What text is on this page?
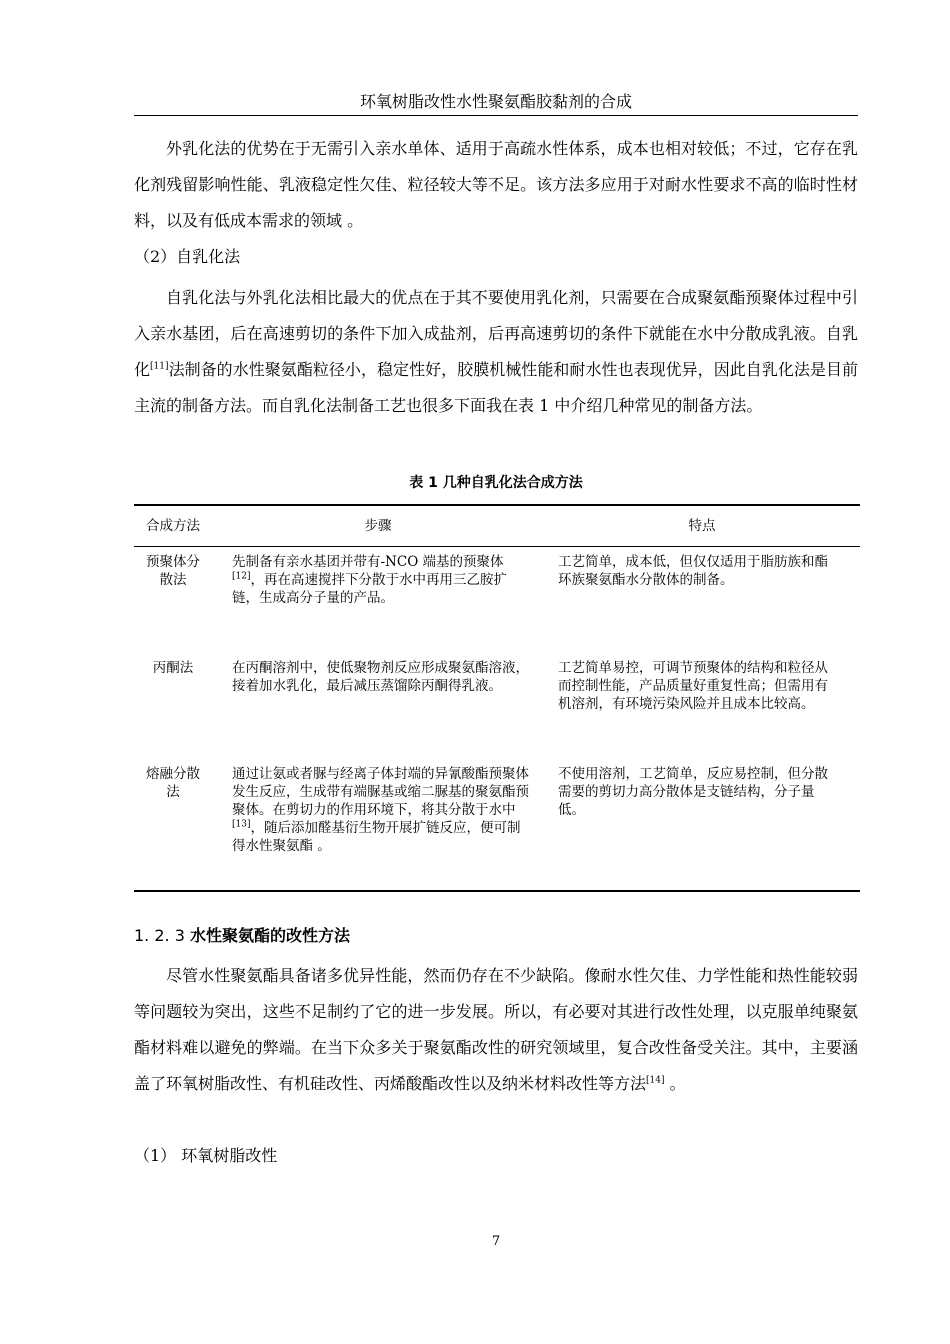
环氧树脂改性水性聚氨酯胶黏剂的合成

外乳化法的优势在于无需引入亲水单体、适用于高疏水性体系，成本也相对较低；不过，它存在乳化剂残留影响性能、乳液稳定性欠佳、粒径较大等不足。该方法多应用于对耐水性要求不高的临时性材料，以及有低成本需求的领域 。

（2）自乳化法

自乳化法与外乳化法相比最大的优点在于其不要使用乳化剂，只需要在合成聚氨酯预聚体过程中引入亲水基团，后在高速剪切的条件下加入成盐剂，后再高速剪切的条件下就能在水中分散成乳液。自乳化[11]法制备的水性聚氨酯粒径小，稳定性好，胶膜机械性能和耐水性也表现优异，因此自乳化法是目前主流的制备方法。而自乳化法制备工艺也很多下面我在表 1 中介绍几种常见的制备方法。

表 1 几种自乳化法合成方法
合成方法	步骤	特点
预聚体分散法	先制备有亲水基团并带有-NCO 端基的预聚体[12]，再在高速搅拌下分散于水中再用三乙胺扩链，生成高分子量的产品。	工艺简单，成本低，但仅仅适用于脂肪族和酯环族聚氨酯水分散体的制备。
丙酮法	在丙酮溶剂中，使低聚物剂反应形成聚氨酯溶液，接着加水乳化，最后减压蒸馏除丙酮得乳液。	工艺简单易控，可调节预聚体的结构和粒径从而控制性能，产品质量好重复性高；但需用有机溶剂，有环境污染风险并且成本比较高。
熔融分散法	通过让氨或者脲与经离子体封端的异氰酸酯预聚体发生反应，生成带有端脲基或缩二脲基的聚氨酯预聚体。在剪切力的作用环境下，将其分散于水中[13]，随后添加醛基衍生物开展扩链反应，便可制得水性聚氨酯 。	不使用溶剂，工艺简单，反应易控制，但分散需要的剪切力高分散体是支链结构，分子量低。
1. 2. 3 水性聚氨酯的改性方法

尽管水性聚氨酯具备诸多优异性能，然而仍存在不少缺陷。像耐水性欠佳、力学性能和热性能较弱等问题较为突出，这些不足制约了它的进一步发展。所以，有必要对其进行改性处理，以克服单纯聚氨酯材料难以避免的弊端。在当下众多关于聚氨酯改性的研究领域里，复合改性备受关注。其中，主要涵盖了环氧树脂改性、有机硅改性、丙烯酸酯改性以及纳米材料改性等方法[14] 。

（1） 环氧树脂改性

7
